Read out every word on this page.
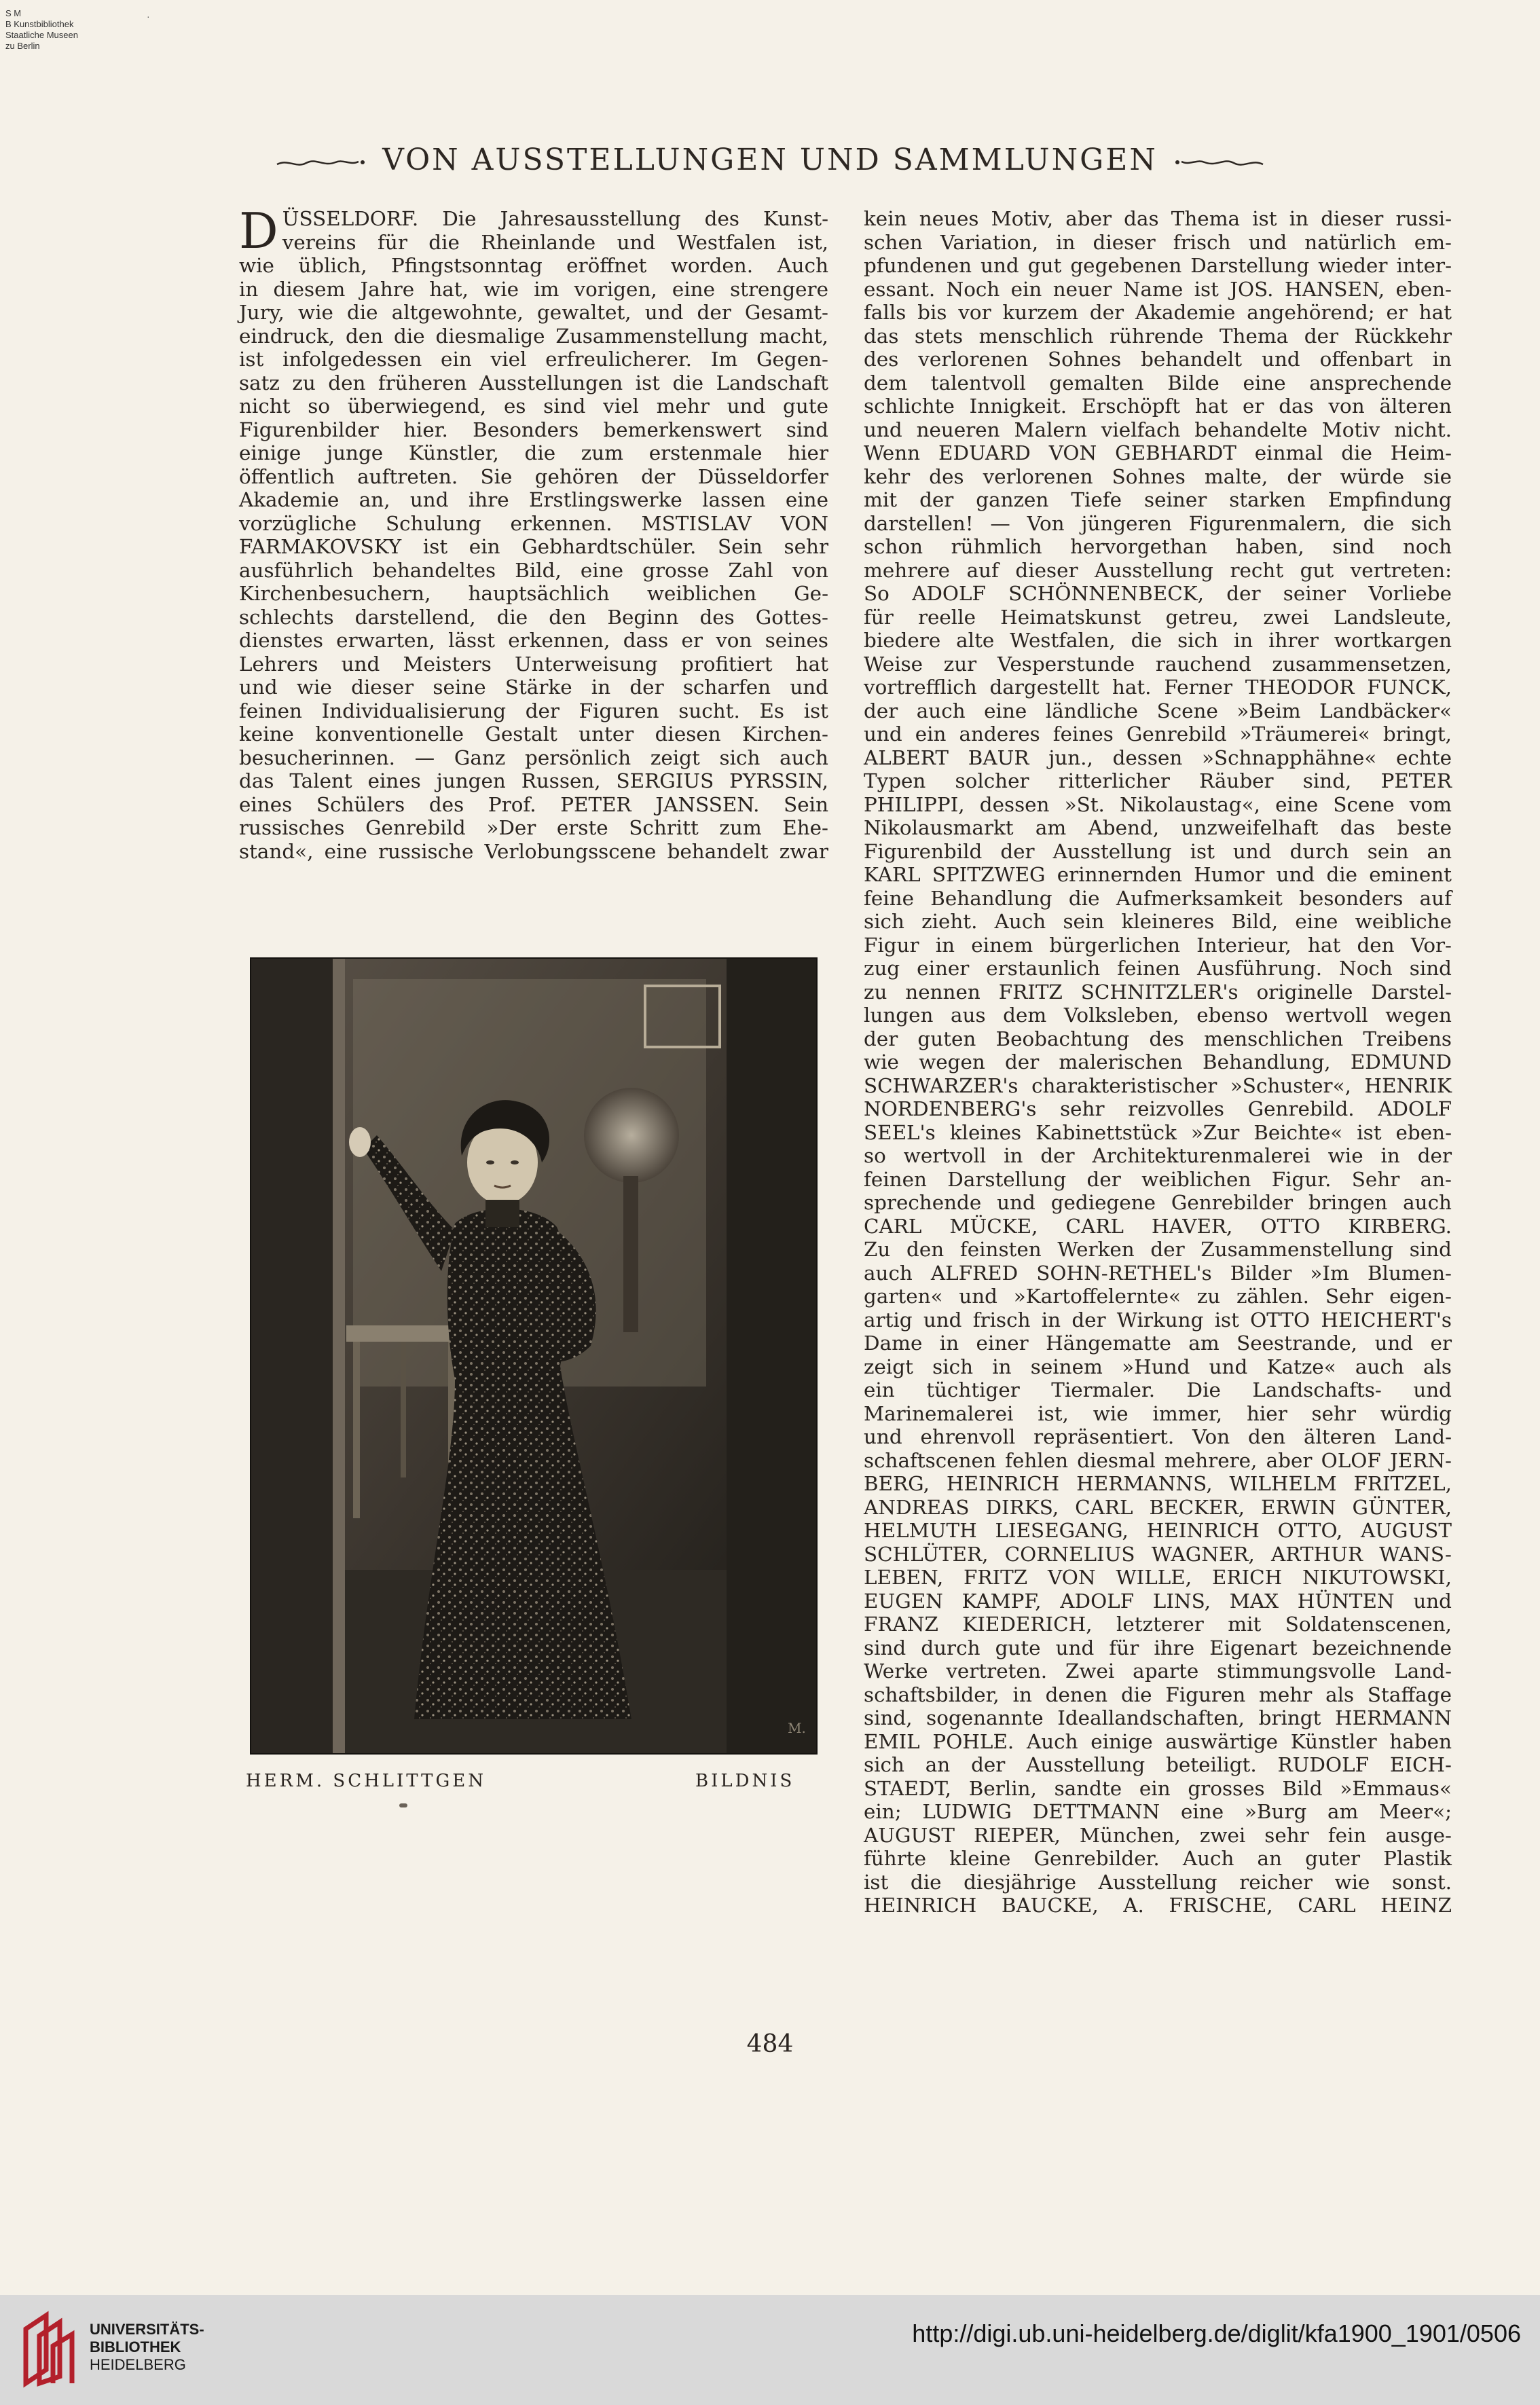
S M
B Kunstbibliothek
Staatliche Museen
zu Berlin
·
VON AUSSTELLUNGEN UND SAMMLUNGEN
D ÜSSELDORF. Die Jahresausstellung des Kunst-
vereins für die Rheinlande und Westfalen ist,
wie üblich, Pfingstsonntag eröffnet worden. Auch
in diesem Jahre hat, wie im vorigen, eine strengere
Jury, wie die altgewohnte, gewaltet, und der Gesamt-
eindruck, den die diesmalige Zusammenstellung macht,
ist infolgedessen ein viel erfreulicherer. Im Gegen-
satz zu den früheren Ausstellungen ist die Landschaft
nicht so überwiegend, es sind viel mehr und gute
Figurenbilder hier. Besonders bemerkenswert sind
einige junge Künstler, die zum erstenmale hier
öffentlich auftreten. Sie gehören der Düsseldorfer
Akademie an, und ihre Erstlingswerke lassen eine
vorzügliche Schulung erkennen. MSTISLAV VON
FARMAKOVSKY ist ein Gebhardtschüler. Sein sehr
ausführlich behandeltes Bild, eine grosse Zahl von
Kirchenbesuchern, hauptsächlich weiblichen Ge-
schlechts darstellend, die den Beginn des Gottes-
dienstes erwarten, lässt erkennen, dass er von seines
Lehrers und Meisters Unterweisung profitiert hat
und wie dieser seine Stärke in der scharfen und
feinen Individualisierung der Figuren sucht. Es ist
keine konventionelle Gestalt unter diesen Kirchen-
besucherinnen. — Ganz persönlich zeigt sich auch
das Talent eines jungen Russen, SERGIUS PYRSSIN,
eines Schülers des Prof. PETER JANSSEN. Sein
russisches Genrebild »Der erste Schritt zum Ehe-
stand«, eine russische Verlobungsscene behandelt zwar
kein neues Motiv, aber das Thema ist in dieser russi-
schen Variation, in dieser frisch und natürlich em-
pfundenen und gut gegebenen Darstellung wieder inter-
essant. Noch ein neuer Name ist JOS. HANSEN, eben-
falls bis vor kurzem der Akademie angehörend; er hat
das stets menschlich rührende Thema der Rückkehr
des verlorenen Sohnes behandelt und offenbart in
dem talentvoll gemalten Bilde eine ansprechende
schlichte Innigkeit. Erschöpft hat er das von älteren
und neueren Malern vielfach behandelte Motiv nicht.
Wenn EDUARD VON GEBHARDT einmal die Heim-
kehr des verlorenen Sohnes malte, der würde sie
mit der ganzen Tiefe seiner starken Empfindung
darstellen! — Von jüngeren Figurenmalern, die sich
schon rühmlich hervorgethan haben, sind noch
mehrere auf dieser Ausstellung recht gut vertreten:
So ADOLF SCHÖNNENBECK, der seiner Vorliebe
für reelle Heimatskunst getreu, zwei Landsleute,
biedere alte Westfalen, die sich in ihrer wortkargen
Weise zur Vesperstunde rauchend zusammensetzen,
vortrefflich dargestellt hat. Ferner THEODOR FUNCK,
der auch eine ländliche Scene »Beim Landbäcker«
und ein anderes feines Genrebild »Träumerei« bringt,
ALBERT BAUR jun., dessen »Schnapphähne« echte
Typen solcher ritterlicher Räuber sind, PETER
PHILIPPI, dessen »St. Nikolaustag«, eine Scene vom
Nikolausmarkt am Abend, unzweifelhaft das beste
Figurenbild der Ausstellung ist und durch sein an
KARL SPITZWEG erinnernden Humor und die eminent
feine Behandlung die Aufmerksamkeit besonders auf
sich zieht. Auch sein kleineres Bild, eine weibliche
Figur in einem bürgerlichen Interieur, hat den Vor-
zug einer erstaunlich feinen Ausführung. Noch sind
zu nennen FRITZ SCHNITZLER's originelle Darstel-
lungen aus dem Volksleben, ebenso wertvoll wegen
der guten Beobachtung des menschlichen Treibens
wie wegen der malerischen Behandlung, EDMUND
SCHWARZER's charakteristischer »Schuster«, HENRIK
NORDENBERG's sehr reizvolles Genrebild. ADOLF
SEEL's kleines Kabinettstück »Zur Beichte« ist eben-
so wertvoll in der Architekturenmalerei wie in der
feinen Darstellung der weiblichen Figur. Sehr an-
sprechende und gediegene Genrebilder bringen auch
CARL MÜCKE, CARL HAVER, OTTO KIRBERG.
Zu den feinsten Werken der Zusammenstellung sind
auch ALFRED SOHN-RETHEL's Bilder »Im Blumen-
garten« und »Kartoffelernte« zu zählen. Sehr eigen-
artig und frisch in der Wirkung ist OTTO HEICHERT's
Dame in einer Hängematte am Seestrande, und er
zeigt sich in seinem »Hund und Katze« auch als
ein tüchtiger Tiermaler. Die Landschafts- und
Marinemalerei ist, wie immer, hier sehr würdig
und ehrenvoll repräsentiert. Von den älteren Land-
schaftscenen fehlen diesmal mehrere, aber OLOF JERN-
BERG, HEINRICH HERMANNS, WILHELM FRITZEL,
ANDREAS DIRKS, CARL BECKER, ERWIN GÜNTER,
HELMUTH LIESEGANG, HEINRICH OTTO, AUGUST
SCHLÜTER, CORNELIUS WAGNER, ARTHUR WANS-
LEBEN, FRITZ VON WILLE, ERICH NIKUTOWSKI,
EUGEN KAMPF, ADOLF LINS, MAX HÜNTEN und
FRANZ KIEDERICH, letzterer mit Soldatenscenen,
sind durch gute und für ihre Eigenart bezeichnende
Werke vertreten. Zwei aparte stimmungsvolle Land-
schaftsbilder, in denen die Figuren mehr als Staffage
sind, sogenannte Ideallandschaften, bringt HERMANN
EMIL POHLE. Auch einige auswärtige Künstler haben
sich an der Ausstellung beteiligt. RUDOLF EICH-
STAEDT, Berlin, sandte ein grosses Bild »Emmaus«
ein; LUDWIG DETTMANN eine »Burg am Meer«;
AUGUST RIEPER, München, zwei sehr fein ausge-
führte kleine Genrebilder. Auch an guter Plastik
ist die diesjährige Ausstellung reicher wie sonst.
HEINRICH BAUCKE, A. FRISCHE, CARL HEINZ
M.
HERM. SCHLITTGEN	BILDNIS
484
UNIVERSITÄTS-
BIBLIOTHEK
HEIDELBERG
http://digi.ub.uni-heidelberg.de/diglit/kfa1900_1901/0506
